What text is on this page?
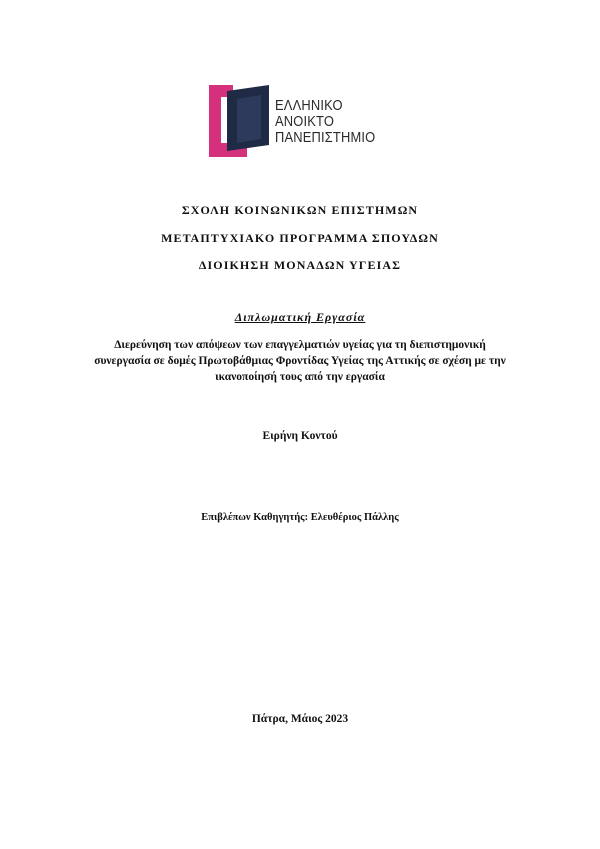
ΕΛΛΗΝΙΚΟ
ΑΝΟΙΚΤΟ
ΠΑΝΕΠΙΣΤΗΜΙΟ
ΣΧΟΛΗ ΚΟΙΝΩΝΙΚΩΝ ΕΠΙΣΤΗΜΩΝ
ΜΕΤΑΠΤΥΧΙΑΚΟ ΠΡΟΓΡΑΜΜΑ ΣΠΟΥΔΩΝ
ΔΙΟΙΚΗΣΗ ΜΟΝΑΔΩΝ ΥΓΕΙΑΣ
Διπλωματική Εργασία
Διερεύνηση των απόψεων των επαγγελματιών υγείας για τη διεπιστημονική
συνεργασία σε δομές Πρωτοβάθμιας Φροντίδας Υγείας της Αττικής σε σχέση με την
ικανοποίησή τους από την εργασία
Ειρήνη Κοντού
Επιβλέπων Καθηγητής: Ελευθέριος Πάλλης
Πάτρα, Μάιος 2023
